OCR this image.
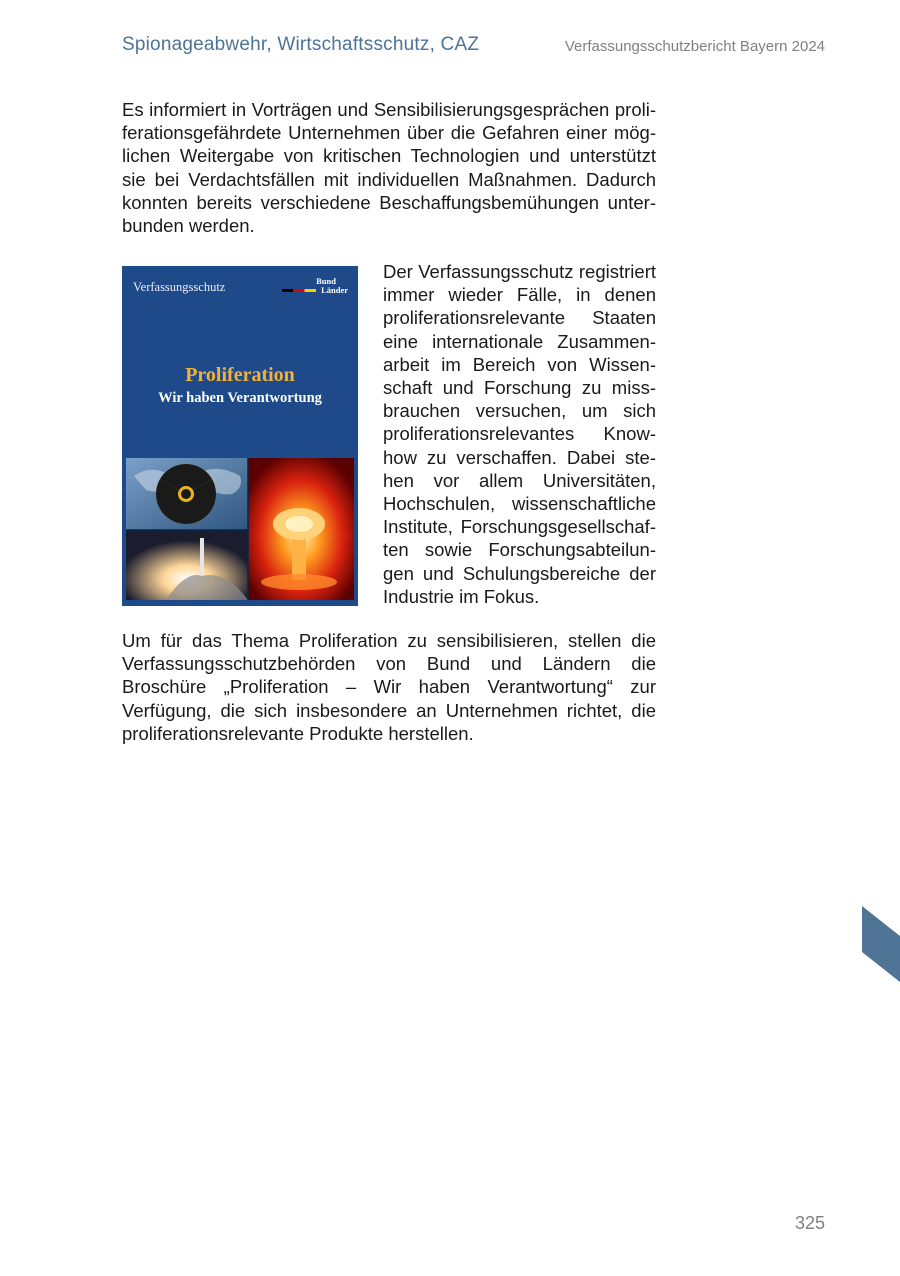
Spionageabwehr, Wirtschaftsschutz, CAZ	Verfassungsschutzbericht Bayern 2024

Es informiert in Vorträgen und Sensibilisierungsgesprächen proliferationsgefährdete Unternehmen über die Gefahren einer möglichen Weitergabe von kritischen Technologien und unterstützt sie bei Verdachtsfällen mit individuellen Maßnahmen. Dadurch konnten bereits verschiedene Beschaffungsbemühungen unterbunden werden.

Verfassungsschutz	Bund
Länder
Proliferation
Wir haben Verantwortung

Der Verfassungsschutz registriert immer wieder Fälle, in denen proliferationsrelevante Staaten eine internationale Zusammenarbeit im Bereich von Wissenschaft und Forschung zu missbrauchen versuchen, um sich proliferationsrelevantes Know-how zu verschaffen. Dabei stehen vor allem Universitäten, Hochschulen, wissenschaftliche Institute, Forschungsgesellschaften sowie Forschungsabteilungen und Schulungsbereiche der Industrie im Fokus.

Um für das Thema Proliferation zu sensibilisieren, stellen die Verfassungsschutzbehörden von Bund und Ländern die Broschüre „Proliferation – Wir haben Verantwortung“ zur Verfügung, die sich insbesondere an Unternehmen richtet, die proliferationsrelevante Produkte herstellen.

325
